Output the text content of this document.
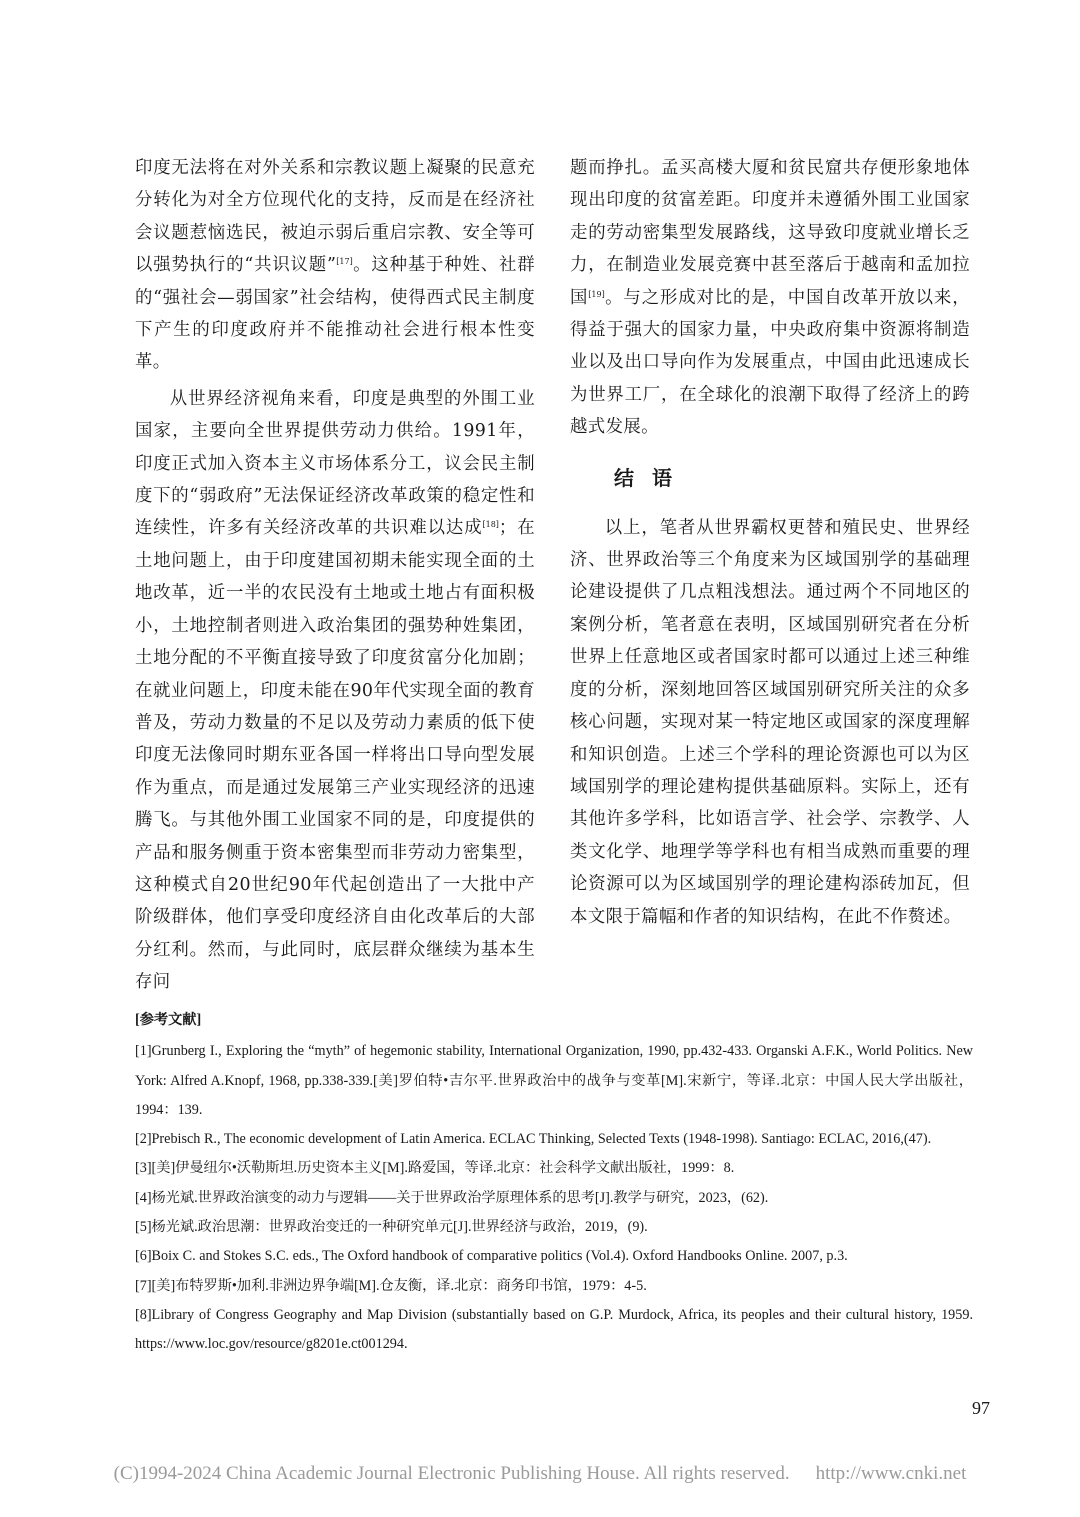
印度无法将在对外关系和宗教议题上凝聚的民意充分转化为对全方位现代化的支持，反而是在经济社会议题惹恼选民，被迫示弱后重启宗教、安全等可以强势执行的“共识议题”[17]。这种基于种姓、社群的“强社会—弱国家”社会结构，使得西式民主制度下产生的印度政府并不能推动社会进行根本性变革。

从世界经济视角来看，印度是典型的外围工业国家，主要向全世界提供劳动力供给。1991年，印度正式加入资本主义市场体系分工，议会民主制度下的“弱政府”无法保证经济改革政策的稳定性和连续性，许多有关经济改革的共识难以达成[18]；在土地问题上，由于印度建国初期未能实现全面的土地改革，近一半的农民没有土地或土地占有面积极小，土地控制者则进入政治集团的强势种姓集团，土地分配的不平衡直接导致了印度贫富分化加剧；在就业问题上，印度未能在90年代实现全面的教育普及，劳动力数量的不足以及劳动力素质的低下使印度无法像同时期东亚各国一样将出口导向型发展作为重点，而是通过发展第三产业实现经济的迅速腾飞。与其他外围工业国家不同的是，印度提供的产品和服务侧重于资本密集型而非劳动力密集型，这种模式自20世纪90年代起创造出了一大批中产阶级群体，他们享受印度经济自由化改革后的大部分红利。然而，与此同时，底层群众继续为基本生存问

题而挣扎。孟买高楼大厦和贫民窟共存便形象地体现出印度的贫富差距。印度并未遵循外围工业国家走的劳动密集型发展路线，这导致印度就业增长乏力，在制造业发展竞赛中甚至落后于越南和孟加拉国[19]。与之形成对比的是，中国自改革开放以来，得益于强大的国家力量，中央政府集中资源将制造业以及出口导向作为发展重点，中国由此迅速成长为世界工厂，在全球化的浪潮下取得了经济上的跨越式发展。

结语

以上，笔者从世界霸权更替和殖民史、世界经济、世界政治等三个角度来为区域国别学的基础理论建设提供了几点粗浅想法。通过两个不同地区的案例分析，笔者意在表明，区域国别研究者在分析世界上任意地区或者国家时都可以通过上述三种维度的分析，深刻地回答区域国别研究所关注的众多核心问题，实现对某一特定地区或国家的深度理解和知识创造。上述三个学科的理论资源也可以为区域国别学的理论建构提供基础原料。实际上，还有其他许多学科，比如语言学、社会学、宗教学、人类文化学、地理学等学科也有相当成熟而重要的理论资源可以为区域国别学的理论建构添砖加瓦，但本文限于篇幅和作者的知识结构，在此不作赘述。

[参考文献]

[1]Grunberg I., Exploring the “myth” of hegemonic stability, International Organization, 1990, pp.432-433. Organski A.F.K., World Politics. New York: Alfred A.Knopf, 1968, pp.338-339.[美]罗伯特•吉尔平.世界政治中的战争与变革[M].宋新宁，等译.北京：中国人民大学出版社，1994：139.

[2]Prebisch R., The economic development of Latin America. ECLAC Thinking, Selected Texts (1948-1998). Santiago: ECLAC, 2016,(47).

[3][美]伊曼纽尔•沃勒斯坦.历史资本主义[M].路爱国，等译.北京：社会科学文献出版社，1999：8.

[4]杨光斌.世界政治演变的动力与逻辑——关于世界政治学原理体系的思考[J].教学与研究，2023，(62).

[5]杨光斌.政治思潮：世界政治变迁的一种研究单元[J].世界经济与政治，2019，(9).

[6]Boix C. and Stokes S.C. eds., The Oxford handbook of comparative politics (Vol.4). Oxford Handbooks Online. 2007, p.3.

[7][美]布特罗斯•加利.非洲边界争端[M].仓友衡，译.北京：商务印书馆，1979：4-5.

[8]Library of Congress Geography and Map Division (substantially based on G.P. Murdock, Africa, its peoples and their cultural history, 1959. https://www.loc.gov/resource/g8201e.ct001294.

97
(C)1994-2024 China Academic Journal Electronic Publishing House. All rights reserved. http://www.cnki.net
